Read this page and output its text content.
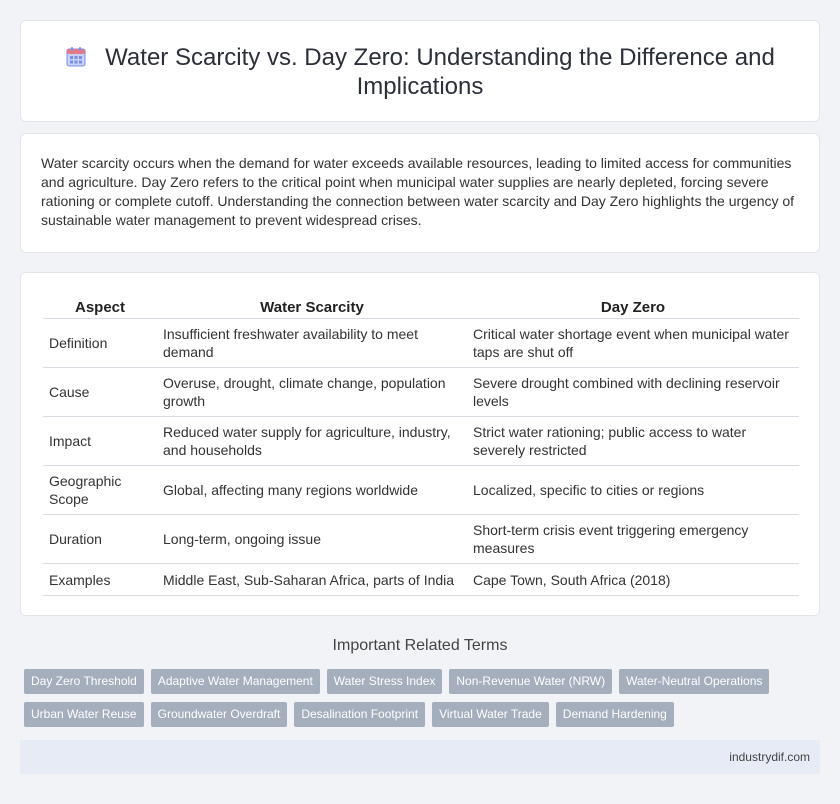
Water Scarcity vs. Day Zero: Understanding the Difference and Implications

Water scarcity occurs when the demand for water exceeds available resources, leading to limited access for communities and agriculture. Day Zero refers to the critical point when municipal water supplies are nearly depleted, forcing severe rationing or complete cutoff. Understanding the connection between water scarcity and Day Zero highlights the urgency of sustainable water management to prevent widespread crises.

Aspect	Water Scarcity	Day Zero
Definition	Insufficient freshwater availability to meet demand	Critical water shortage event when municipal water taps are shut off
Cause	Overuse, drought, climate change, population growth	Severe drought combined with declining reservoir levels
Impact	Reduced water supply for agriculture, industry, and households	Strict water rationing; public access to water severely restricted
Geographic Scope	Global, affecting many regions worldwide	Localized, specific to cities or regions
Duration	Long-term, ongoing issue	Short-term crisis event triggering emergency measures
Examples	Middle East, Sub-Saharan Africa, parts of India	Cape Town, South Africa (2018)
Important Related Terms
Day Zero Threshold	Adaptive Water Management	Water Stress Index	Non-Revenue Water (NRW)	Water-Neutral Operations
Urban Water Reuse	Groundwater Overdraft	Desalination Footprint	Virtual Water Trade	Demand Hardening
industrydif.com
